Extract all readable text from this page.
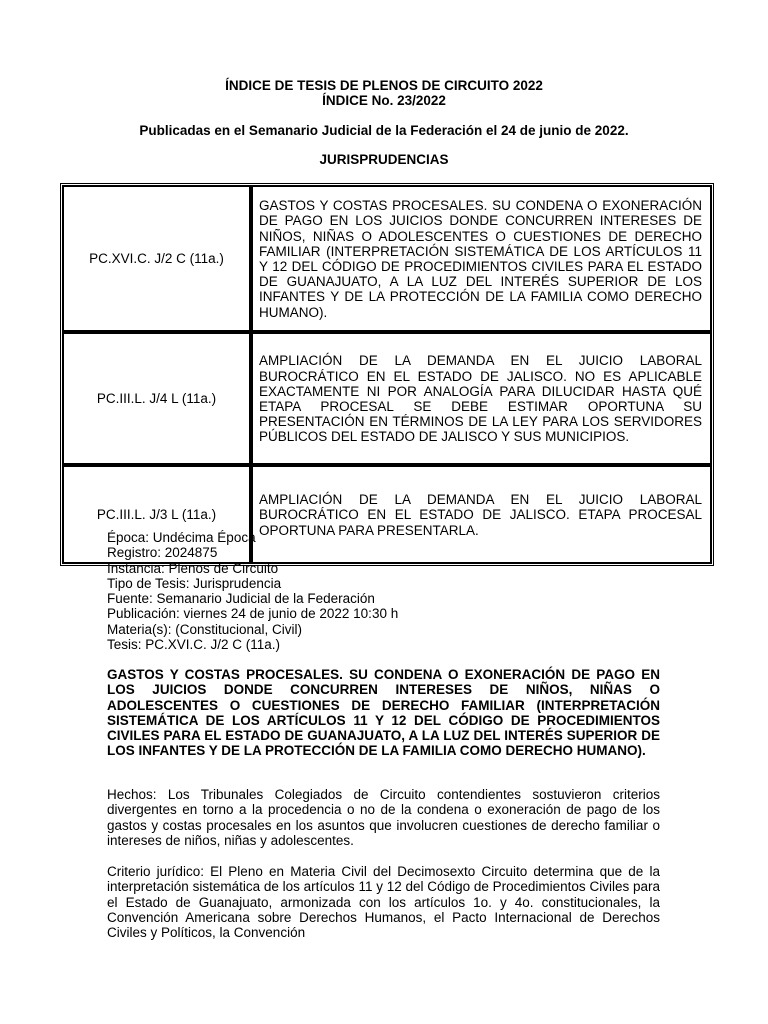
ÍNDICE DE TESIS DE PLENOS DE CIRCUITO 2022
ÍNDICE No. 23/2022
Publicadas en el Semanario Judicial de la Federación el 24 de junio de 2022.
JURISPRUDENCIAS
PC.XVI.C. J/2 C (11a.)	GASTOS Y COSTAS PROCESALES. SU CONDENA O EXONERACIÓN DE PAGO EN LOS JUICIOS DONDE CONCURREN INTERESES DE NIÑOS, NIÑAS O ADOLESCENTES O CUESTIONES DE DERECHO FAMILIAR (INTERPRETACIÓN SISTEMÁTICA DE LOS ARTÍCULOS 11 Y 12 DEL CÓDIGO DE PROCEDIMIENTOS CIVILES PARA EL ESTADO DE GUANAJUATO, A LA LUZ DEL INTERÉS SUPERIOR DE LOS INFANTES Y DE LA PROTECCIÓN DE LA FAMILIA COMO DERECHO HUMANO).
PC.III.L. J/4 L (11a.)	AMPLIACIÓN DE LA DEMANDA EN EL JUICIO LABORAL BUROCRÁTICO EN EL ESTADO DE JALISCO. NO ES APLICABLE EXACTAMENTE NI POR ANALOGÍA PARA DILUCIDAR HASTA QUÉ ETAPA PROCESAL SE DEBE ESTIMAR OPORTUNA SU PRESENTACIÓN EN TÉRMINOS DE LA LEY PARA LOS SERVIDORES PÚBLICOS DEL ESTADO DE JALISCO Y SUS MUNICIPIOS.
PC.III.L. J/3 L (11a.)	AMPLIACIÓN DE LA DEMANDA EN EL JUICIO LABORAL BUROCRÁTICO EN EL ESTADO DE JALISCO. ETAPA PROCESAL OPORTUNA PARA PRESENTARLA.
Época: Undécima Época
Registro: 2024875
Instancia: Plenos de Circuito
Tipo de Tesis: Jurisprudencia
Fuente: Semanario Judicial de la Federación
Publicación: viernes 24 de junio de 2022 10:30 h
Materia(s): (Constitucional, Civil)
Tesis: PC.XVI.C. J/2 C (11a.)
GASTOS Y COSTAS PROCESALES. SU CONDENA O EXONERACIÓN DE PAGO EN LOS JUICIOS DONDE CONCURREN INTERESES DE NIÑOS, NIÑAS O ADOLESCENTES O CUESTIONES DE DERECHO FAMILIAR (INTERPRETACIÓN SISTEMÁTICA DE LOS ARTÍCULOS 11 Y 12 DEL CÓDIGO DE PROCEDIMIENTOS CIVILES PARA EL ESTADO DE GUANAJUATO, A LA LUZ DEL INTERÉS SUPERIOR DE LOS INFANTES Y DE LA PROTECCIÓN DE LA FAMILIA COMO DERECHO HUMANO).
Hechos: Los Tribunales Colegiados de Circuito contendientes sostuvieron criterios divergentes en torno a la procedencia o no de la condena o exoneración de pago de los gastos y costas procesales en los asuntos que involucren cuestiones de derecho familiar o intereses de niños, niñas y adolescentes.
Criterio jurídico: El Pleno en Materia Civil del Decimosexto Circuito determina que de la interpretación sistemática de los artículos 11 y 12 del Código de Procedimientos Civiles para el Estado de Guanajuato, armonizada con los artículos 1o. y 4o. constitucionales, la Convención Americana sobre Derechos Humanos, el Pacto Internacional de Derechos Civiles y Políticos, la Convención
